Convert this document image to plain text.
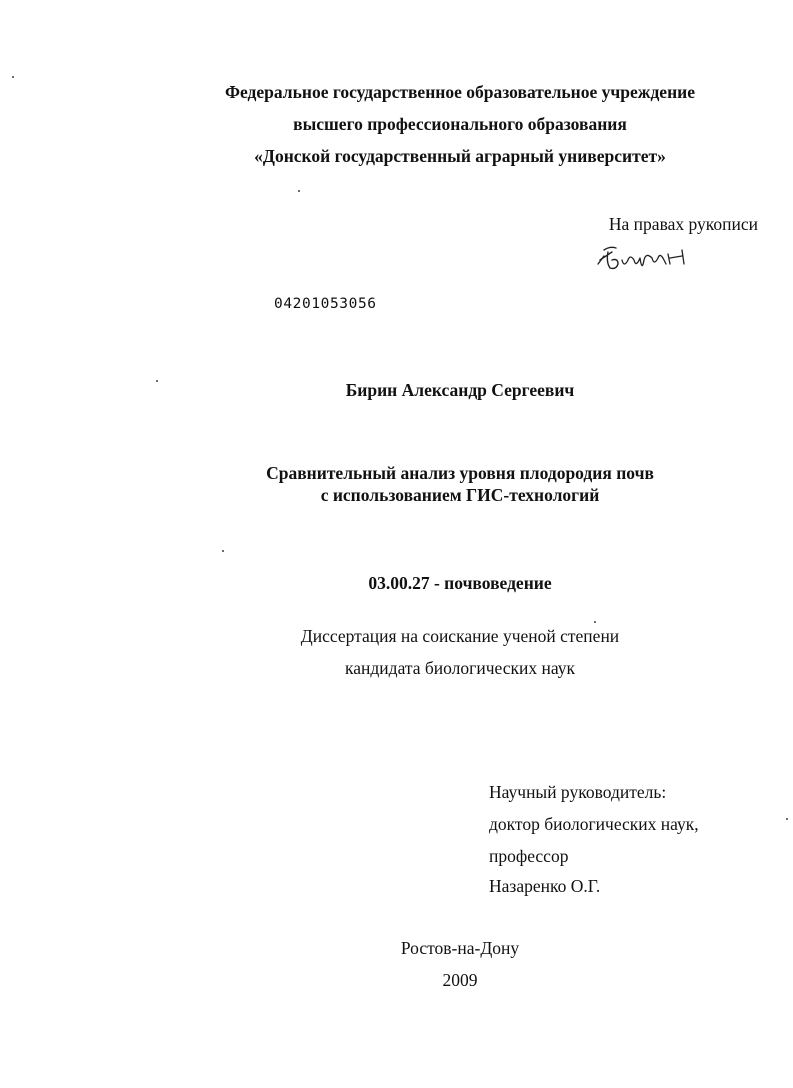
Федеральное государственное образовательное учреждение
высшего профессионального образования
«Донской государственный аграрный университет»
На правах рукописи
04201053056
Бирин Александр Сергеевич
Сравнительный анализ уровня плодородия почв
с использованием ГИС-технологий
03.00.27 - почвоведение
Диссертация на соискание ученой степени
кандидата биологических наук
Научный руководитель:
доктор биологических наук,
профессор
Назаренко О.Г.
Ростов-на-Дону
2009
